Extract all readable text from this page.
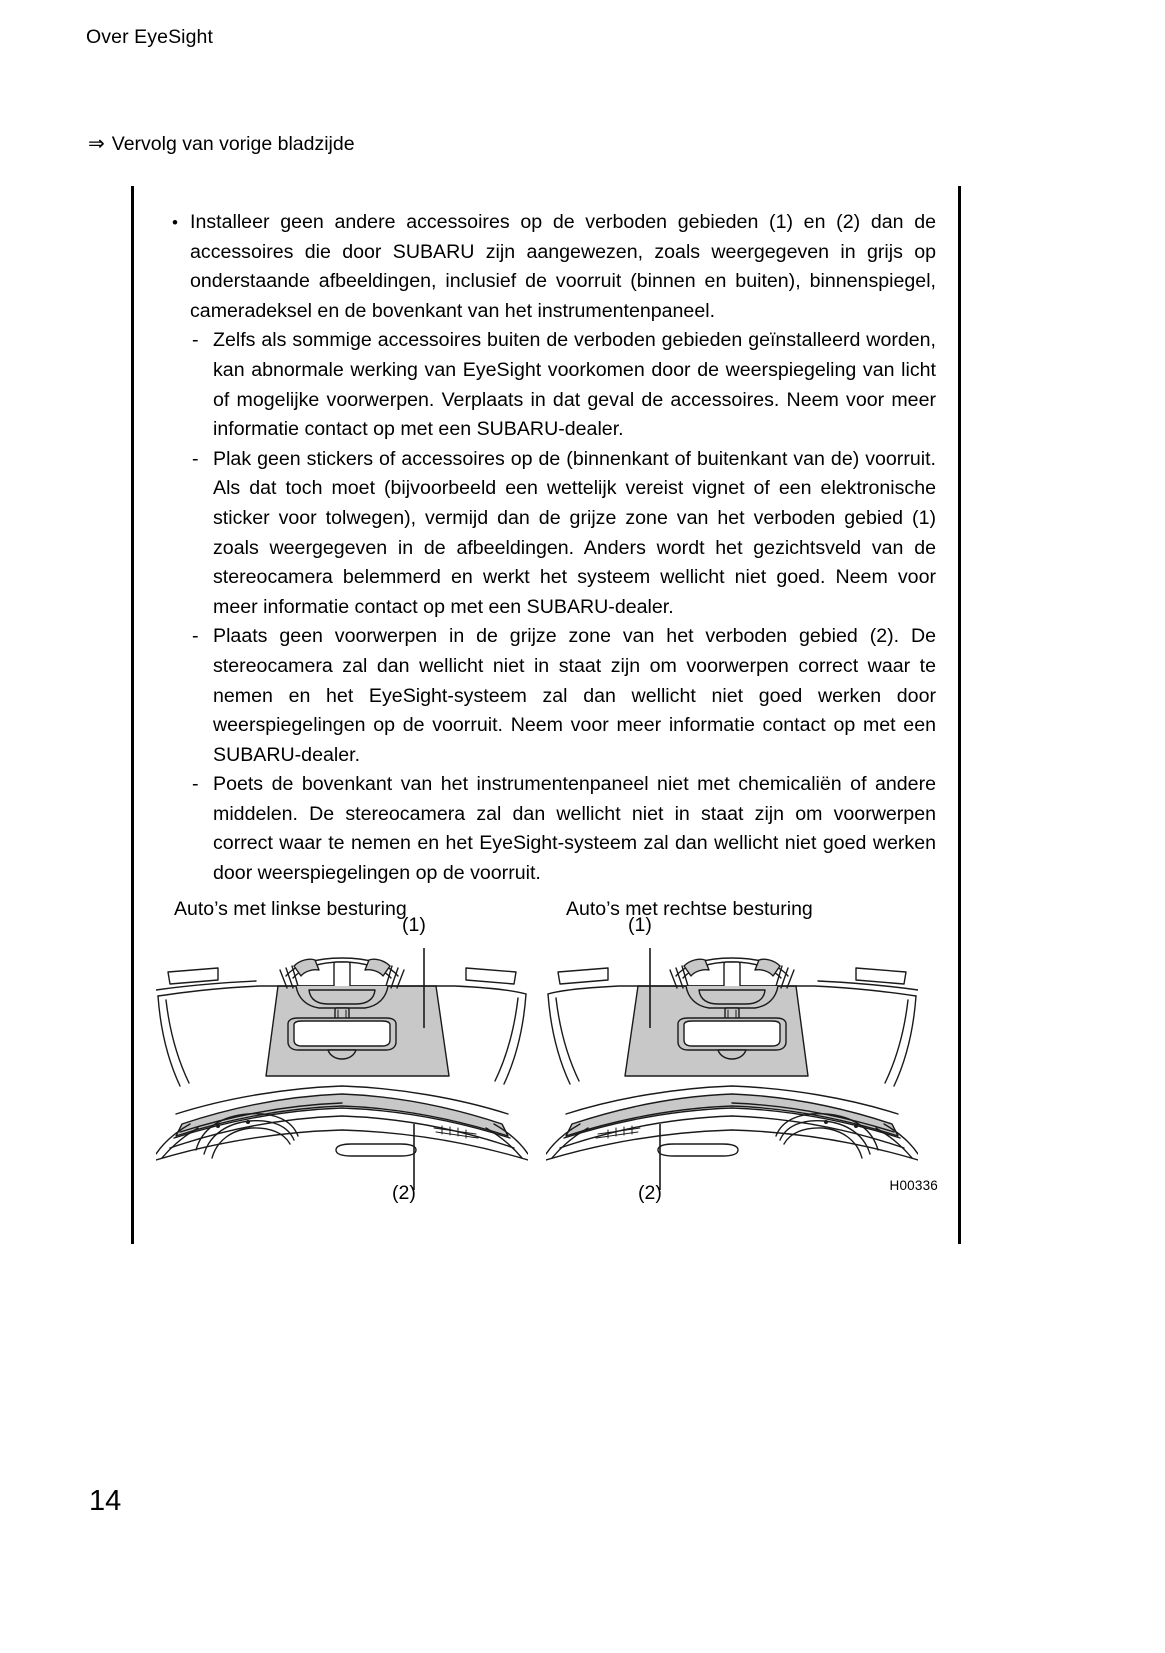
Over EyeSight
⇒ Vervolg van vorige bladzijde
• Installeer geen andere accessoires op de verboden gebieden (1) en (2) dan de accessoires die door SUBARU zijn aangewezen, zoals weergegeven in grijs op onderstaande afbeeldingen, inclusief de voorruit (binnen en buiten), binnenspiegel, cameradeksel en de bovenkant van het instrumentenpaneel.

- Zelfs als sommige accessoires buiten de verboden gebieden geïnstalleerd worden, kan abnormale werking van EyeSight voorkomen door de weerspiegeling van licht of mogelijke voorwerpen. Verplaats in dat geval de accessoires. Neem voor meer informatie contact op met een SUBARU-dealer.

- Plak geen stickers of accessoires op de (binnenkant of buitenkant van de) voorruit. Als dat toch moet (bijvoorbeeld een wettelijk vereist vignet of een elektronische sticker voor tolwegen), vermijd dan de grijze zone van het verboden gebied (1) zoals weergegeven in de afbeeldingen. Anders wordt het gezichtsveld van de stereocamera belemmerd en werkt het systeem wellicht niet goed. Neem voor meer informatie contact op met een SUBARU-dealer.

- Plaats geen voorwerpen in de grijze zone van het verboden gebied (2). De stereocamera zal dan wellicht niet in staat zijn om voorwerpen correct waar te nemen en het EyeSight-systeem zal dan wellicht niet goed werken door weerspiegelingen op de voorruit. Neem voor meer informatie contact op met een SUBARU-dealer.

- Poets de bovenkant van het instrumentenpaneel niet met chemicaliën of andere middelen. De stereocamera zal dan wellicht niet in staat zijn om voorwerpen correct waar te nemen en het EyeSight-systeem zal dan wellicht niet goed werken door weerspiegelingen op de voorruit.

Auto’s met linkse besturing	Auto’s met rechtse besturing
(1)
(2)
(1)
(2)	H00336
14
